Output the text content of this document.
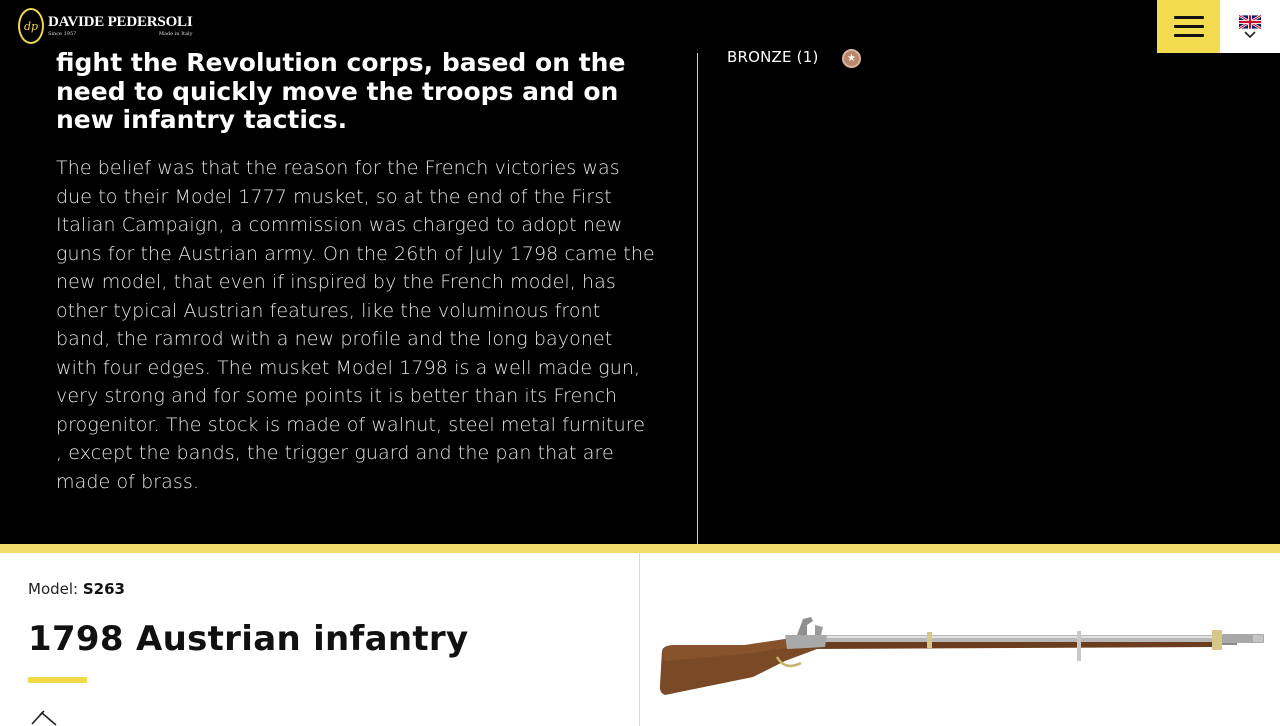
dp DAVIDE PEDERSOLI
Since 1957	Made in Italy
fight the Revolution corps, based on the need to quickly move the troops and on new infantry tactics.

The belief was that the reason for the French victories was due to their Model 1777 musket, so at the end of the First Italian Campaign, a commission was charged to adopt new guns for the Austrian army. On the 26th of July 1798 came the new model, that even if inspired by the French model, has other typical Austrian features, like the voluminous front band, the ramrod with a new profile and the long bayonet with four edges. The musket Model 1798 is a well made gun, very strong and for some points it is better than its French progenitor. The stock is made of walnut, steel metal furniture , except the bands, the trigger guard and the pan that are made of brass.

BRONZE (1)	★
Model: S263
1798 Austrian infantry
